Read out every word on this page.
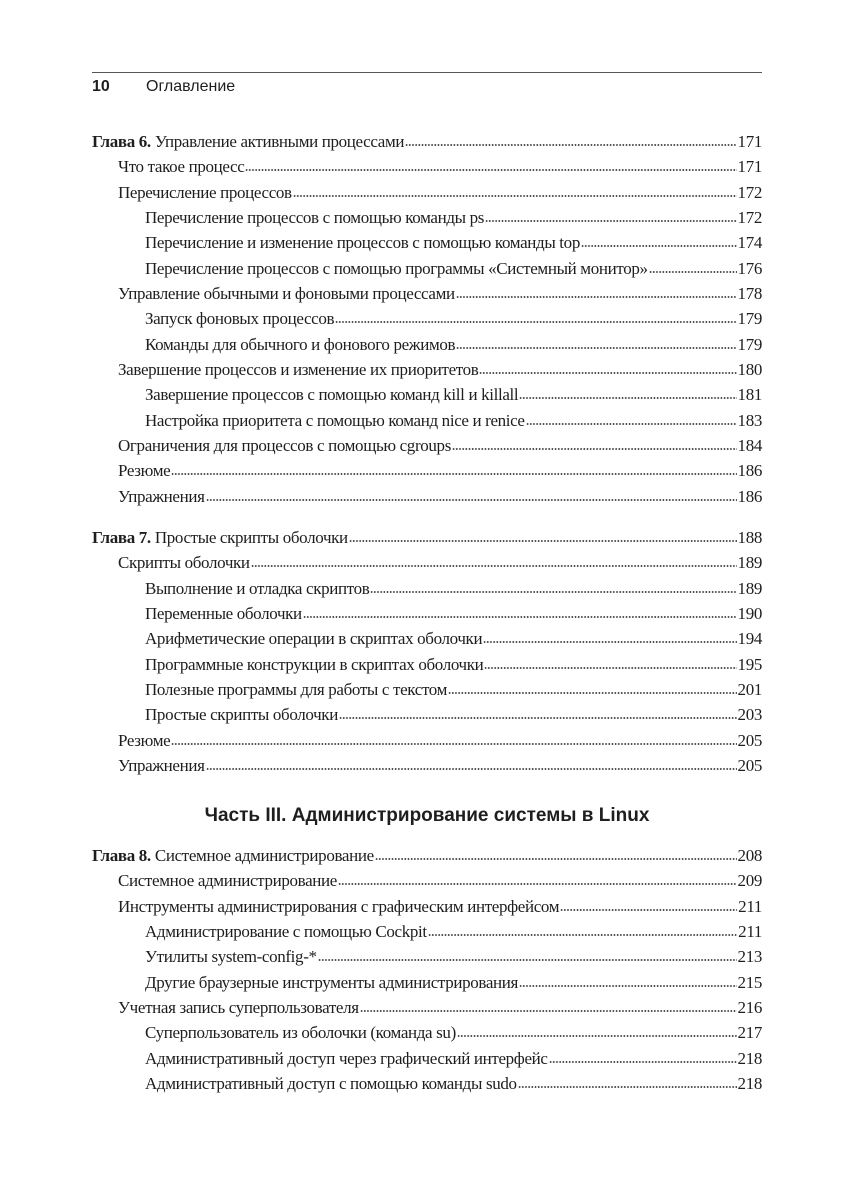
10 Оглавление
Глава 6. Управление активными процессами	171
Что такое процесс	171
Перечисление процессов	172
Перечисление процессов с помощью команды ps	172
Перечисление и изменение процессов с помощью команды top	174
Перечисление процессов с помощью программы «Системный монитор»	176
Управление обычными и фоновыми процессами	178
Запуск фоновых процессов	179
Команды для обычного и фонового режимов	179
Завершение процессов и изменение их приоритетов	180
Завершение процессов с помощью команд kill и killall	181
Настройка приоритета с помощью команд nice и renice	183
Ограничения для процессов с помощью cgroups	184
Резюме	186
Упражнения	186
Глава 7. Простые скрипты оболочки	188
Скрипты оболочки	189
Выполнение и отладка скриптов	189
Переменные оболочки	190
Арифметические операции в скриптах оболочки	194
Программные конструкции в скриптах оболочки	195
Полезные программы для работы с текстом	201
Простые скрипты оболочки	203
Резюме	205
Упражнения	205
Часть III. Администрирование системы в Linux
Глава 8. Системное администрирование	208
Системное администрирование	209
Инструменты администрирования с графическим интерфейсом	211
Администрирование с помощью Cockpit	211
Утилиты system-config-*	213
Другие браузерные инструменты администрирования	215
Учетная запись суперпользователя	216
Суперпользователь из оболочки (команда su)	217
Административный доступ через графический интерфейс	218
Административный доступ с помощью команды sudo	218
